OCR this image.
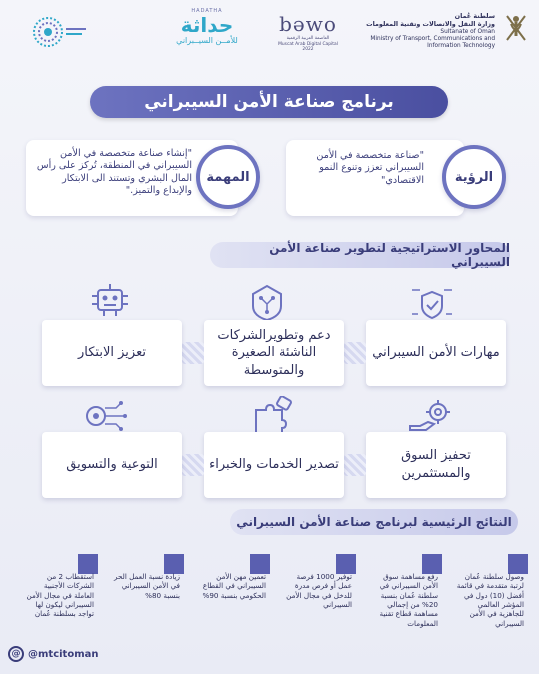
سلطنة عُمان
وزارة النقل والاتصالات وتقنية المعلومات
Sultanate of Oman
Ministry of Transport, Communications and
Information Technology
bǝwo
العاصمة العربية الرقمية
Muscat Arab Digital Capital
2022
HADATHA
حداثة
للأمــن السيــبراني
برنامج صناعة الأمن السيبراني
"صناعة متخصصة في الأمن السيبراني تعزز وتنوع النمو الاقتصادي" الرؤية
"إنشاء صناعة متخصصة في الأمن السيبراني في المنطقة، تُركز على رأس المال البشري وتستند الى الابتكار والإبداع والتميز."
المهمة
المحاور الاستراتيجية لتطوير صناعة الأمن السيبراني
مهارات الأمن السيبراني
دعم وتطويرالشركات الناشئة الصغيرة والمتوسطة
تعزيز الابتكار
تحفيز السوق والمستثمرين
تصدير الخدمات والخبراء
التوعية والتسويق
النتائج الرئيسية لبرنامج صناعة الأمن السيبراني
وصول سلطنة عُمان لرتبة متقدمة في قائمة أفضل (10) دول في المؤشر العالمي للجاهزية في الأمن السيبراني
رفع مساهمة سوق الأمن السيبراني في سلطنة عُمان بنسبة 20% من إجمالي مساهمة قطاع تقنية المعلومات
توفير 1000 فرصة عمل أو فرص مدرة للدخل في مجال الأمن السيبراني
تعمين مهن الأمن السيبراني في القطاع الحكومي بنسبة 90%
زيادة نسبة العمل الحر في الأمن السيبراني بنسبة 80%
استقطاب 2 من الشركات الأجنبية العاملة في مجال الأمن السيبراني ليكون لها تواجد بسلطنة عُمان
@ @mtcitoman
